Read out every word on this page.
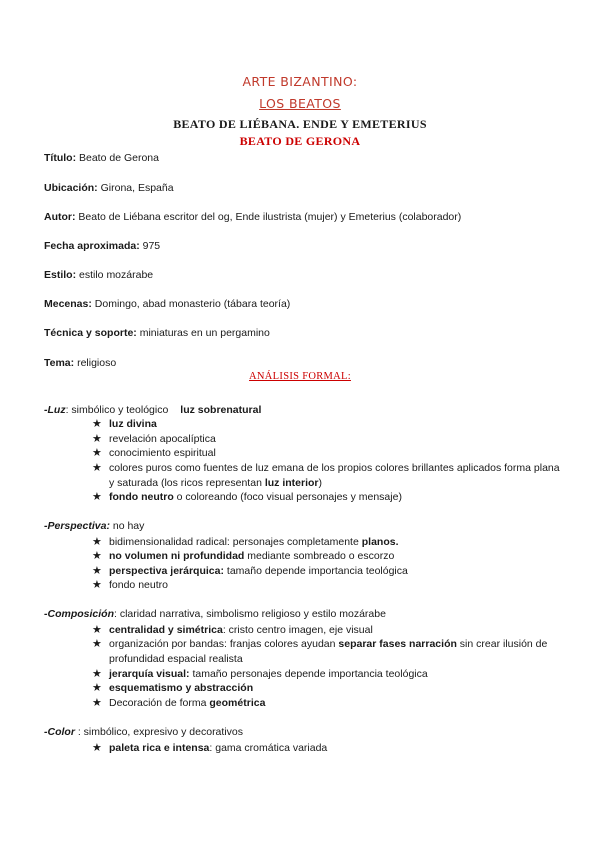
ARTE BIZANTINO:
LOS BEATOS
BEATO DE LIÉBANA. ENDE Y EMETERIUS
BEATO DE GERONA
Título: Beato de Gerona
Ubicación: Girona, España
Autor: Beato de Liébana escritor del og, Ende ilustrista (mujer) y Emeterius (colaborador)
Fecha aproximada: 975
Estilo: estilo mozárabe
Mecenas: Domingo, abad monasterio (tábara teoría)
Técnica y soporte: miniaturas en un pergamino
Tema: religioso
ANÁLISIS FORMAL:
-Luz: simbólico y teológico luz sobrenatural
★ luz divina
★ revelación apocalíptica
★ conocimiento espiritual
★ colores puros como fuentes de luz emana de los propios colores brillantes aplicados forma plana y saturada (los ricos representan luz interior)
★ fondo neutro o coloreando (foco visual personajes y mensaje)
-Perspectiva: no hay
★ bidimensionalidad radical: personajes completamente planos.
★ no volumen ni profundidad mediante sombreado o escorzo
★ perspectiva jerárquica: tamaño depende importancia teológica
★ fondo neutro
-Composición: claridad narrativa, simbolismo religioso y estilo mozárabe
★ centralidad y simétrica: cristo centro imagen, eje visual
★ organización por bandas: franjas colores ayudan separar fases narración sin crear ilusión de profundidad espacial realista
★ jerarquía visual: tamaño personajes depende importancia teológica
★ esquematismo y abstracción
★ Decoración de forma geométrica
-Color : simbólico, expresivo y decorativos
★ paleta rica e intensa: gama cromática variada
